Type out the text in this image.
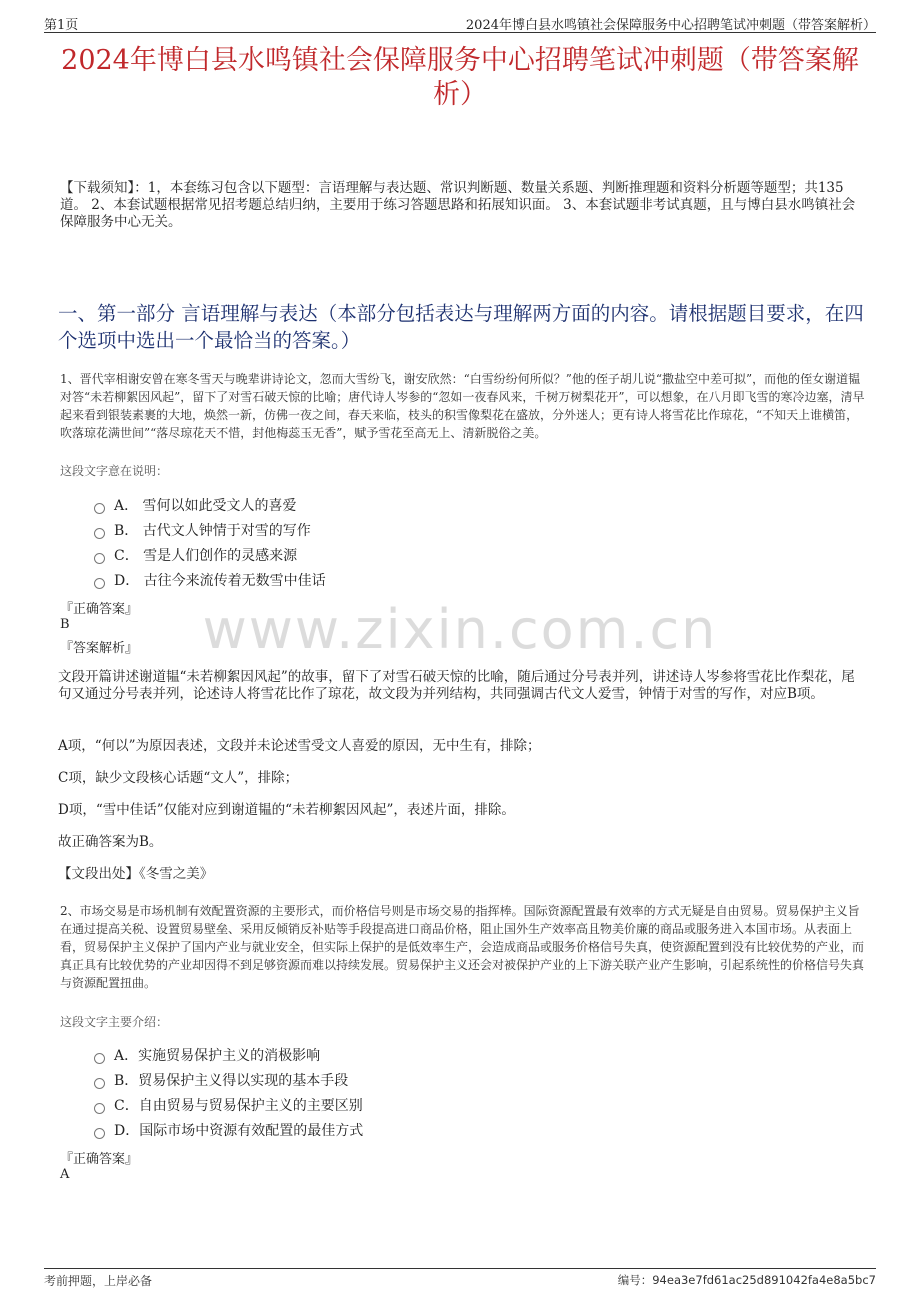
第1页	2024年博白县水鸣镇社会保障服务中心招聘笔试冲刺题（带答案解析）
2024年博白县水鸣镇社会保障服务中心招聘笔试冲刺题（带答案解析）
【下载须知】：1，本套练习包含以下题型：言语理解与表达题、常识判断题、数量关系题、判断推理题和资料分析题等题型；共135道。 2、本套试题根据常见招考题总结归纳，主要用于练习答题思路和拓展知识面。 3、本套试题非考试真题，且与博白县水鸣镇社会保障服务中心无关。
一、第一部分 言语理解与表达（本部分包括表达与理解两方面的内容。请根据题目要求，在四个选项中选出一个最恰当的答案。）
1、晋代宰相谢安曾在寒冬雪天与晚辈讲诗论文，忽而大雪纷飞，谢安欣然：“白雪纷纷何所似？”他的侄子胡儿说“撒盐空中差可拟”，而他的侄女谢道韫对答“未若柳絮因风起”，留下了对雪石破天惊的比喻；唐代诗人岑参的“忽如一夜春风来，千树万树梨花开”，可以想象，在八月即飞雪的寒冷边塞，清早起来看到银装素裹的大地，焕然一新，仿佛一夜之间，春天来临，枝头的积雪像梨花在盛放，分外迷人；更有诗人将雪花比作琼花，“不知天上谁横笛，吹落琼花满世间”“落尽琼花天不惜，封他梅蕊玉无香”，赋予雪花至高无上、清新脱俗之美。
这段文字意在说明：
A． 雪何以如此受文人的喜爱
B． 古代文人钟情于对雪的写作
C． 雪是人们创作的灵感来源
D． 古往今来流传着无数雪中佳话
『正确答案』
B
『答案解析』	www.zixin.com.cn
文段开篇讲述谢道韫“未若柳絮因风起”的故事，留下了对雪石破天惊的比喻，随后通过分号表并列，讲述诗人岑参将雪花比作梨花，尾句又通过分号表并列，论述诗人将雪花比作了琼花，故文段为并列结构，共同强调古代文人爱雪，钟情于对雪的写作，对应B项。
A项，“何以”为原因表述，文段并未论述雪受文人喜爱的原因，无中生有，排除；
C项，缺少文段核心话题“文人”，排除；
D项，“雪中佳话”仅能对应到谢道韫的“未若柳絮因风起”，表述片面，排除。
故正确答案为B。
【文段出处】《冬雪之美》
2、市场交易是市场机制有效配置资源的主要形式，而价格信号则是市场交易的指挥棒。国际资源配置最有效率的方式无疑是自由贸易。贸易保护主义旨在通过提高关税、设置贸易壁垒、采用反倾销反补贴等手段提高进口商品价格，阻止国外生产效率高且物美价廉的商品或服务进入本国市场。从表面上看，贸易保护主义保护了国内产业与就业安全，但实际上保护的是低效率生产，会造成商品或服务价格信号失真，使资源配置到没有比较优势的产业，而真正具有比较优势的产业却因得不到足够资源而难以持续发展。贸易保护主义还会对被保护产业的上下游关联产业产生影响，引起系统性的价格信号失真与资源配置扭曲。
这段文字主要介绍：
A．实施贸易保护主义的消极影响
B．贸易保护主义得以实现的基本手段
C．自由贸易与贸易保护主义的主要区别
D．国际市场中资源有效配置的最佳方式
『正确答案』
A
考前押题，上岸必备	编号：94ea3e7fd61ac25d891042fa4e8a5bc7
